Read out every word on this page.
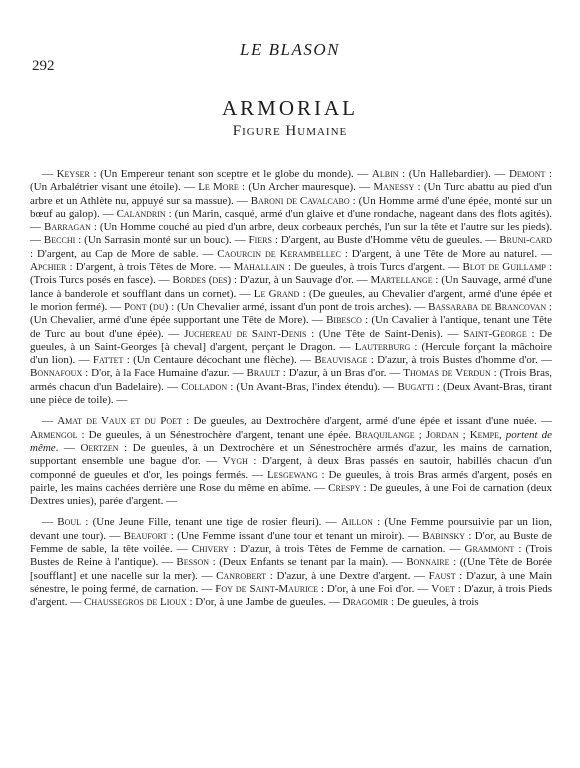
LE BLASON
292
ARMORIAL
Figure Humaine

— Keyser : (Un Empereur tenant son sceptre et le globe du monde). — Albin : (Un Hallebardier). — Demont : (Un Arbalétrier visant une étoile). — Le More : (Un Archer mauresque). — Manessy : (Un Turc abattu au pied d'un arbre et un Athlète nu, appuyé sur sa massue). — Baroni de Cavalcabo : (Un Homme armé d'une épée, monté sur un bœuf au galop). — Calandrin : (un Marin, casqué, armé d'un glaive et d'une rondache, nageant dans des flots agités). — Barragan : (Un Homme couché au pied d'un arbre, deux corbeaux perchés, l'un sur la tête et l'autre sur les pieds). — Becchi : (Un Sarrasin monté sur un bouc). — Fiers : D'argent, au Buste d'Homme vêtu de gueules. — Bruni-card : D'argent, au Cap de More de sable. — Caourcin de Kerambellec : D'argent, à une Tête de More au naturel. — Apchier : D'argent, à trois Têtes de More. — Mahallain : De gueules, à trois Turcs d'argent. — Blot de Guillamp : (Trois Turcs posés en fasce). — Bordes (des) : D'azur, à un Sauvage d'or. — Martellange : (Un Sauvage, armé d'une lance à banderole et soufflant dans un cornet). — Le Grand : (De gueules, au Chevalier d'argent, armé d'une épée et le morion fermé). — Pont (du) : (Un Chevalier armé, issant d'un pont de trois arches). — Bassaraba de Brancovan : (Un Chevalier, armé d'une épée supportant une Tête de More). — Bibesco : (Un Cavalier à l'antique, tenant une Tête de Turc au bout d'une épée). — Juchereau de Saint-Denis : (Une Tête de Saint-Denis). — Saint-George : De gueules, à un Saint-Georges [à cheval] d'argent, perçant le Dragon. — Lauterburg : (Hercule forçant la mâchoire d'un lion). — Fattet : (Un Centaure décochant une flèche). — Beauvisage : D'azur, à trois Bustes d'homme d'or. — Bonnafoux : D'or, à la Face Humaine d'azur. — Brault : D'azur, à un Bras d'or. — Thomas de Verdun : (Trois Bras, armés chacun d'un Badelaire). — Colladon : (Un Avant-Bras, l'index étendu). — Bugatti : (Deux Avant-Bras, tirant une pièce de toile). —

— Amat de Vaux et du Poet : De gueules, au Dextrochère d'argent, armé d'une épée et issant d'une nuée. — Armengol : De gueules, à un Sénestrochère d'argent, tenant une épée. Braquilange ; Jordan ; Kempe, portent de même. — Oertzen : De gueules, à un Dextrochère et un Sénestrochère armés d'azur, les mains de carnation, supportant ensemble une bague d'or. — Vygh : D'argent, à deux Bras passés en sautoir, habillés chacun d'un componné de gueules et d'or, les poings fermés. — Lesgewang : De gueules, à trois Bras armés d'argent, posés en pairle, les mains cachées derrière une Rose du même en abîme. — Crespy : De gueules, à une Foi de carnation (deux Dextres unies), parée d'argent. —

— Boul : (Une Jeune Fille, tenant une tige de rosier fleuri). — Aillon : (Une Femme poursuivie par un lion, devant une tour). — Beaufort : (Une Femme issant d'une tour et tenant un miroir). — Babinsky : D'or, au Buste de Femme de sable, la tête voilée. — Chivery : D'azur, à trois Têtes de Femme de carnation. — Grammont : (Trois Bustes de Reine à l'antique). — Besson : (Deux Enfants se tenant par la main). — Bonnaire : ((Une Tête de Borée [soufflant] et une nacelle sur la mer). — Canrobert : D'azur, à une Dextre d'argent. — Faust : D'azur, à une Main sénestre, le poing fermé, de carnation. — Foy de Saint-Maurice : D'or, à une Foi d'or. — Voet : D'azur, à trois Pieds d'argent. — Chaussegros de Lioux : D'or, à une Jambe de gueules. — Dragomir : De gueules, à trois
